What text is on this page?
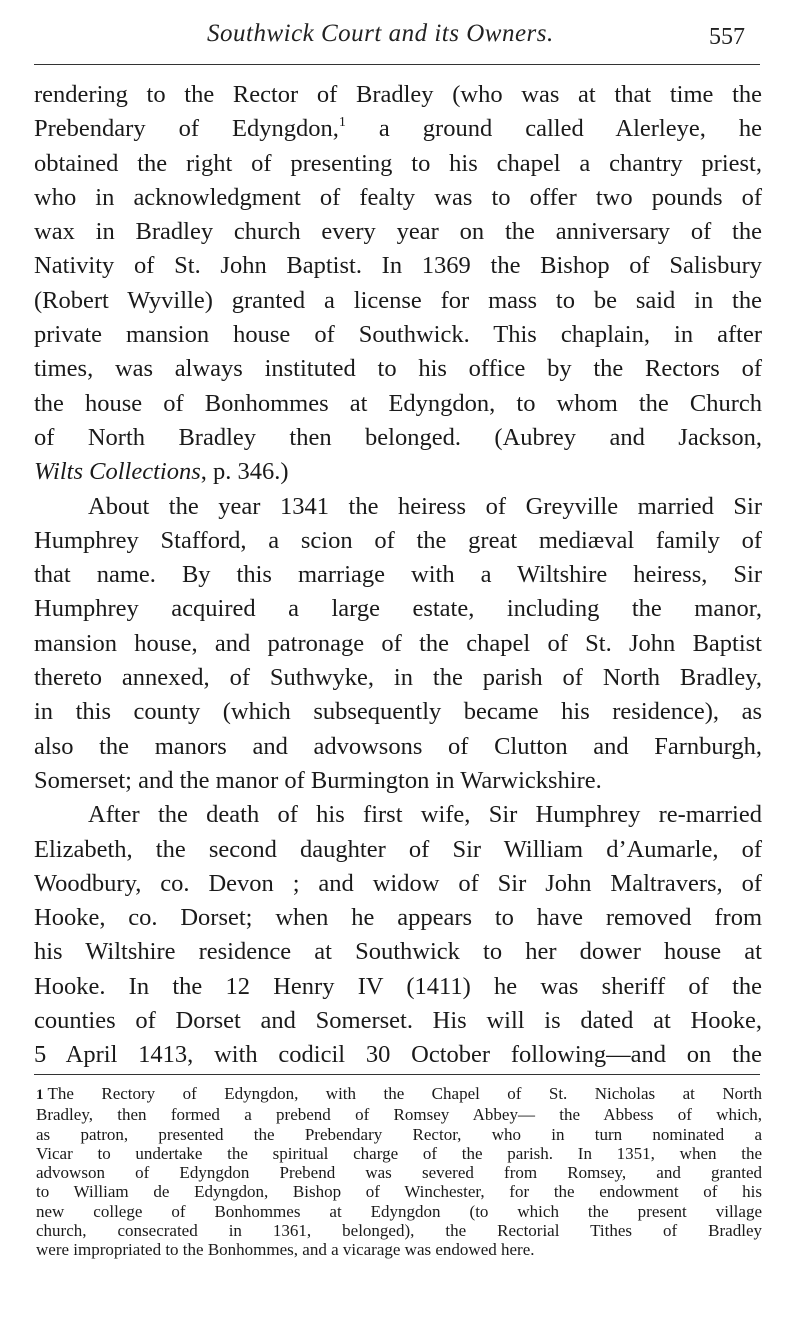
Southwick Court and its Owners.	557
rendering to the Rector of Bradley (who was at that time the
Prebendary of Edyngdon,$^1$ a ground called Alerleye, he
obtained the right of presenting to his chapel a chantry priest,
who in acknowledgment of fealty was to offer two pounds of
wax in Bradley church every year on the anniversary of the
Nativity of St. John Baptist. In 1369 the Bishop of Salisbury
(Robert Wyville) granted a license for mass to be said in the
private mansion house of Southwick. This chaplain, in after
times, was always instituted to his office by the Rectors of
the house of Bonhommes at Edyngdon, to whom the Church
of North Bradley then belonged. (Aubrey and Jackson,
Wilts Collections, p. 346.)
About the year 1341 the heiress of Greyville married Sir
Humphrey Stafford, a scion of the great mediæval family of
that name. By this marriage with a Wiltshire heiress, Sir
Humphrey acquired a large estate, including the manor,
mansion house, and patronage of the chapel of St. John Baptist
thereto annexed, of Suthwyke, in the parish of North Bradley,
in this county (which subsequently became his residence), as
also the manors and advowsons of Clutton and Farnburgh,
Somerset; and the manor of Burmington in Warwickshire.
After the death of his first wife, Sir Humphrey re-married
Elizabeth, the second daughter of Sir William d’Aumarle, of
Woodbury, co. Devon ; and widow of Sir John Maltravers, of
Hooke, co. Dorset; when he appears to have removed from
his Wiltshire residence at Southwick to her dower house at
Hooke. In the 12 Henry IV (1411) he was sheriff of the
counties of Dorset and Somerset. His will is dated at Hooke,
5 April 1413, with codicil 30 October following—and on the
1 The Rectory of Edyngdon, with the Chapel of St. Nicholas at North
Bradley, then formed a prebend of Romsey Abbey— the Abbess of which,
as patron, presented the Prebendary Rector, who in turn nominated a
Vicar to undertake the spiritual charge of the parish. In 1351, when the
advowson of Edyngdon Prebend was severed from Romsey, and granted
to William de Edyngdon, Bishop of Winchester, for the endowment of his
new college of Bonhommes at Edyngdon (to which the present village
church, consecrated in 1361, belonged), the Rectorial Tithes of Bradley
were impropriated to the Bonhommes, and a vicarage was endowed here.
